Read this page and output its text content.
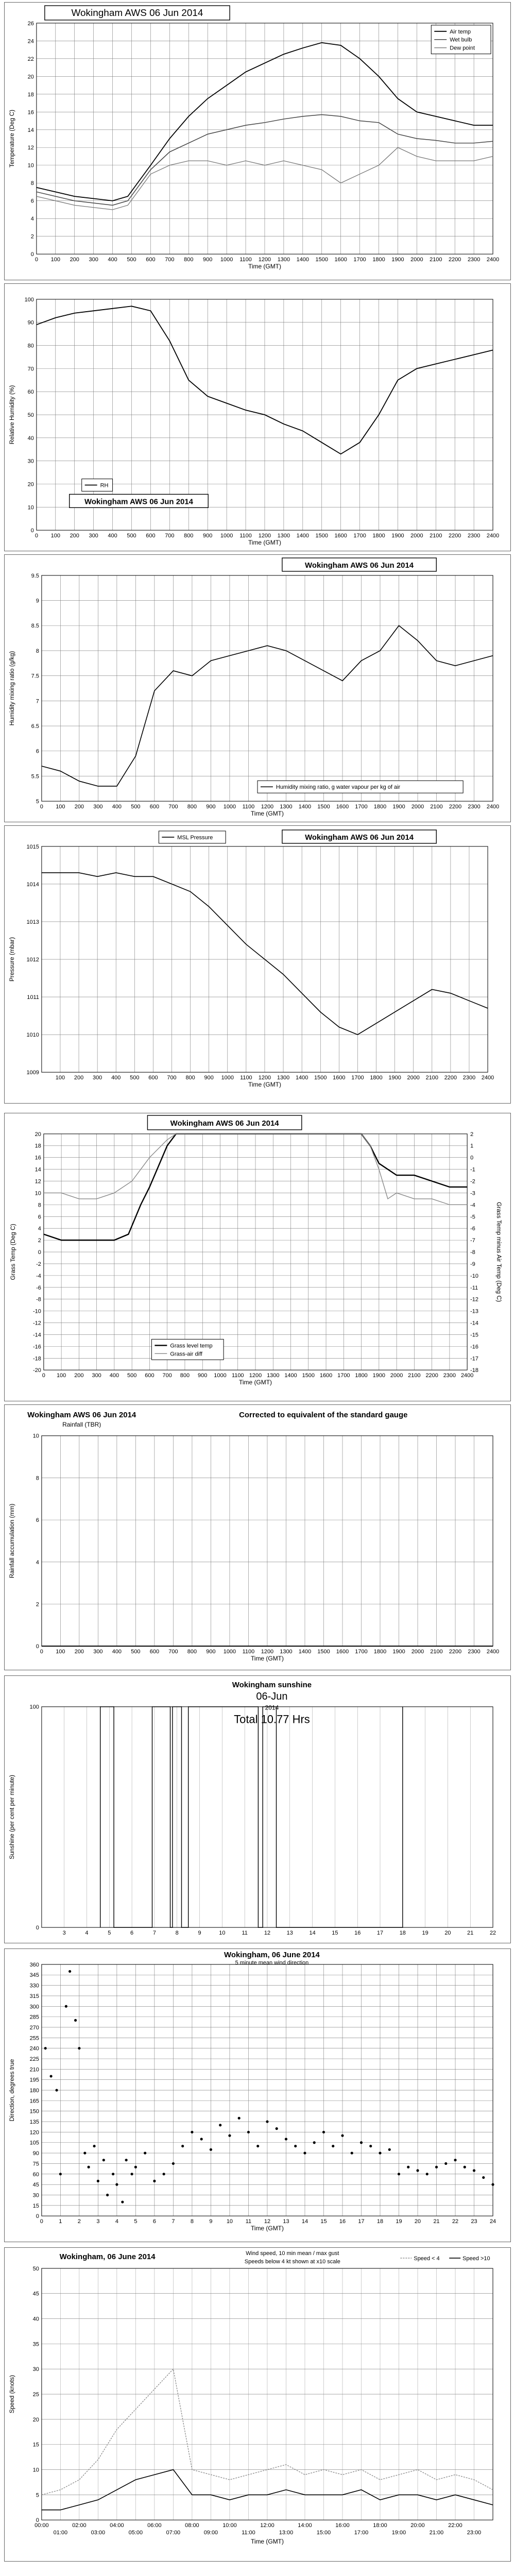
0 100 200 300 400 500 600 700 800 900 1000 1100 1200 1300 1400 1500 1600 1700 1800 1900 2000 2100 2200 2300 2400
0
2
4
6
8
10
12
14
16
18
20
22
24
26
Time (GMT)
Temperature (Deg C)
Wokingham AWS 06 Jun 2014
Air temp
Wet bulb
Dew point
0 100 200 300 400 500 600 700 800 900 1000 1100 1200 1300 1400 1500 1600 1700 1800 1900 2000 2100 2200 2300 2400
0
10
20
30
40
50
60
70
80
90
100
Time (GMT)
Relative Humidity (%)
Wokingham AWS 06 Jun 2014
RH
0 100 200 300 400 500 600 700 800 900 1000 1100 1200 1300 1400 1500 1600 1700 1800 1900 2000 2100 2200 2300 2400
5
5.5
6
6.5
7
7.5
8
8.5
9
9.5
Time (GMT)
Humidity mixing ratio (g/kg)
Wokingham AWS 06 Jun 2014
Humidity mixing ratio, g water vapour per kg of air
100 200 300 400 500 600 700 800 900 1000 1100 1200 1300 1400 1500 1600 1700 1800 1900 2000 2100 2200 2300 2400
1009
1010
1011
1012
1013
1014
1015
Time (GMT)
Pressure (mbar)
Wokingham AWS 06 Jun 2014
MSL Pressure
0 100 200 300 400 500 600 700 800 900 1000 1100 1200 1300 1400 1500 1600 1700 1800 1900 2000 2100 2200 2300 2400
-20
-18
-16
-14
-12
-10
-8
-6
-4
-2
0
2
4
6
8
10
12
14
16
18
20
-18
-17
-16
-15
-14
-13
-12
-11
-10
-9
-8
-7
-6
-5
-4
-3
-2
-1
0
1
2
Time (GMT)
Grass Temp (Deg C)	Grass Temp minus Air Temp (Deg C)
Wokingham AWS 06 Jun 2014
Grass level temp
Grass-air diff
0 100 200 300 400 500 600 700 800 900 1000 1100 1200 1300 1400 1500 1600 1700 1800 1900 2000 2100 2200 2300 2400
0
2
4
6
8
10
Time (GMT)
Rainfall accumulation (mm)
Wokingham AWS 06 Jun 2014
Rainfall (TBR)
Corrected to equivalent of the standard gauge
3	4	5	6	7	8	9	10	11	12	13	14	15	16	17	18	19	20	21	22
0
100
Sunshine (per cent per minute)
Wokingham sunshine
06-Jun
2014
Total 10.77 Hrs
0	1	2	3	4	5	6	7	8	9 10 11 12 13 14 15 16 17 18 19 20 21 22 23 24
0
15
30
45
60
75
90
105
120
135
150
165
180
195
210
225
240
255
270
285
300
315
330
345
360
Time (GMT)
Direction, degrees true
Wokingham, 06 June 2014
5 minute mean wind direction
0
5
10
15
20
25
30
35
40
45
50
00:00	02:00	04:00	06:00	08:00	10:00	12:00	14:00	16:00	18:00	20:00	22:00
01:00	03:00	05:00	07:00	09:00	11:00	13:00	15:00	17:00	19:00	21:00	23:00
Time (GMT)
Speed (knots)
Wokingham, 06 June 2014	Wind speed, 10 min mean / max gust
Speeds below 4 kt shown at x10 scale	Speed < 4	Speed >10
